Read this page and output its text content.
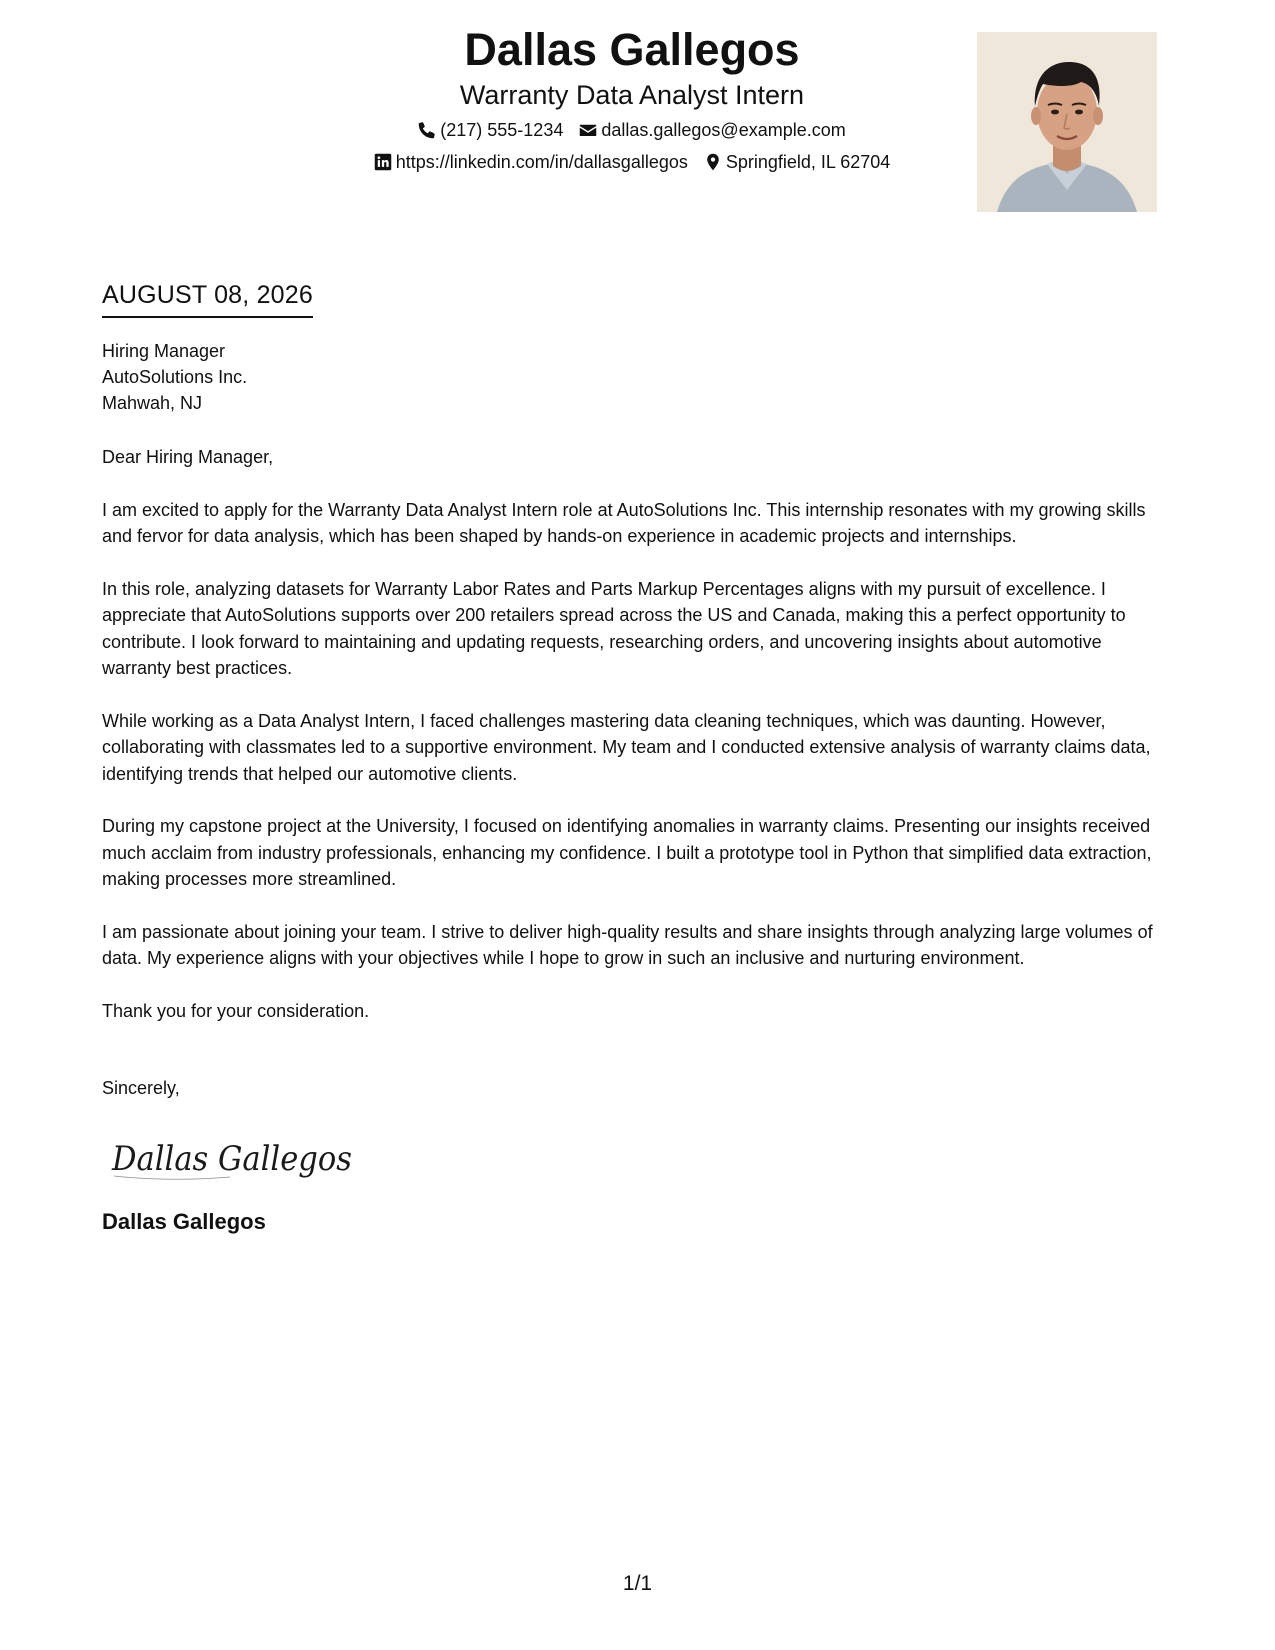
Dallas Gallegos
Warranty Data Analyst Intern
(217) 555-1234 dallas.gallegos@example.com
https://linkedin.com/in/dallasgallegos Springfield, IL 62704
AUGUST 08, 2026
Hiring Manager
AutoSolutions Inc.
Mahwah, NJ
Dear Hiring Manager,

I am excited to apply for the Warranty Data Analyst Intern role at AutoSolutions Inc. This internship resonates with my growing skills and fervor for data analysis, which has been shaped by hands-on experience in academic projects and internships.

In this role, analyzing datasets for Warranty Labor Rates and Parts Markup Percentages aligns with my pursuit of excellence. I appreciate that AutoSolutions supports over 200 retailers spread across the US and Canada, making this a perfect opportunity to contribute. I look forward to maintaining and updating requests, researching orders, and uncovering insights about automotive warranty best practices.

While working as a Data Analyst Intern, I faced challenges mastering data cleaning techniques, which was daunting. However, collaborating with classmates led to a supportive environment. My team and I conducted extensive analysis of warranty claims data, identifying trends that helped our automotive clients.

During my capstone project at the University, I focused on identifying anomalies in warranty claims. Presenting our insights received much acclaim from industry professionals, enhancing my confidence. I built a prototype tool in Python that simplified data extraction, making processes more streamlined.

I am passionate about joining your team. I strive to deliver high-quality results and share insights through analyzing large volumes of data. My experience aligns with your objectives while I hope to grow in such an inclusive and nurturing environment.

Thank you for your consideration.

Sincerely,
Dallas Gallegos
Dallas Gallegos
1/1
